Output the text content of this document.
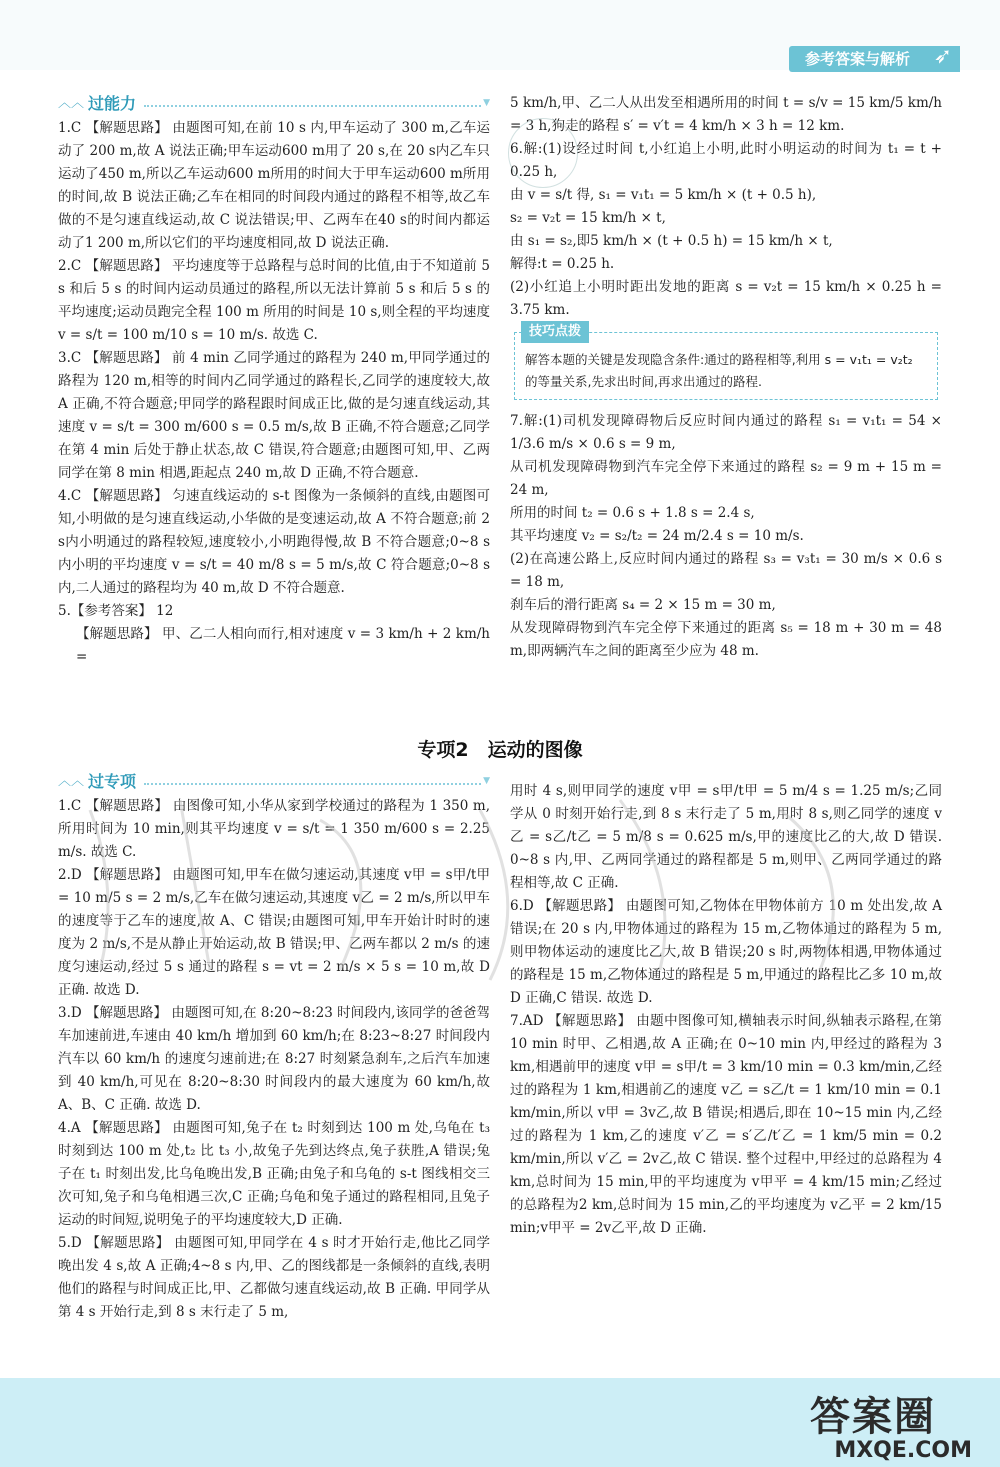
参考答案与解析 ➶
︿︿ 过能力	▼

1.C 【解题思路】 由题图可知,在前 10 s 内,甲车运动了 300 m,乙车运动了 200 m,故 A 说法正确;甲车运动600 m用了 20 s,在 20 s内乙车只运动了450 m,所以乙车运动600 m所用的时间大于甲车运动600 m所用的时间,故 B 说法正确;乙车在相同的时间段内通过的路程不相等,故乙车做的不是匀速直线运动,故 C 说法错误;甲、乙两车在40 s的时间内都运动了1 200 m,所以它们的平均速度相同,故 D 说法正确.

2.C 【解题思路】 平均速度等于总路程与总时间的比值,由于不知道前 5 s 和后 5 s 的时间内运动员通过的路程,所以无法计算前 5 s 和后 5 s 的平均速度;运动员跑完全程 100 m 所用的时间是 10 s,则全程的平均速度 v = s/t = 100 m/10 s = 10 m/s. 故选 C.

3.C 【解题思路】 前 4 min 乙同学通过的路程为 240 m,甲同学通过的路程为 120 m,相等的时间内乙同学通过的路程长,乙同学的速度较大,故 A 正确,不符合题意;甲同学的路程跟时间成正比,做的是匀速直线运动,其速度 v = s/t = 300 m/600 s = 0.5 m/s,故 B 正确,不符合题意;乙同学在第 4 min 后处于静止状态,故 C 错误,符合题意;由题图可知,甲、乙两同学在第 8 min 相遇,距起点 240 m,故 D 正确,不符合题意.

4.C 【解题思路】 匀速直线运动的 s-t 图像为一条倾斜的直线,由题图可知,小明做的是匀速直线运动,小华做的是变速运动,故 A 不符合题意;前 2 s内小明通过的路程较短,速度较小,小明跑得慢,故 B 不符合题意;0~8 s 内小明的平均速度 v = s/t = 40 m/8 s = 5 m/s,故 C 符合题意;0~8 s 内,二人通过的路程均为 40 m,故 D 不符合题意.

5.【参考答案】 12

【解题思路】 甲、乙二人相向而行,相对速度 v = 3 km/h + 2 km/h =

5 km/h,甲、乙二人从出发至相遇所用的时间 t = s/v = 15 km/5 km/h = 3 h,狗走的路程 s′ = v′t = 4 km/h × 3 h = 12 km.

6.解:(1)设经过时间 t,小红追上小明,此时小明运动的时间为 t₁ = t + 0.25 h,

由 v = s/t 得, s₁ = v₁t₁ = 5 km/h × (t + 0.5 h),

s₂ = v₂t = 15 km/h × t,

由 s₁ = s₂,即5 km/h × (t + 0.5 h) = 15 km/h × t,

解得:t = 0.25 h.

(2)小红追上小明时距出发地的距离 s = v₂t = 15 km/h × 0.25 h = 3.75 km.

技巧点拨
解答本题的关键是发现隐含条件:通过的路程相等,利用 s = v₁t₁ = v₂t₂ 的等量关系,先求出时间,再求出通过的路程.

7.解:(1)司机发现障碍物后反应时间内通过的路程 s₁ = v₁t₁ = 54 × 1/3.6 m/s × 0.6 s = 9 m,

从司机发现障碍物到汽车完全停下来通过的路程 s₂ = 9 m + 15 m = 24 m,

所用的时间 t₂ = 0.6 s + 1.8 s = 2.4 s,

其平均速度 v₂ = s₂/t₂ = 24 m/2.4 s = 10 m/s.

(2)在高速公路上,反应时间内通过的路程 s₃ = v₃t₁ = 30 m/s × 0.6 s = 18 m,

刹车后的滑行距离 s₄ = 2 × 15 m = 30 m,

从发现障碍物到汽车完全停下来通过的距离 s₅ = 18 m + 30 m = 48 m,即两辆汽车之间的距离至少应为 48 m.

专项2　运动的图像
︿︿ 过专项	▼

1.C 【解题思路】 由图像可知,小华从家到学校通过的路程为 1 350 m,所用时间为 10 min,则其平均速度 v = s/t = 1 350 m/600 s = 2.25 m/s. 故选 C.

2.D 【解题思路】 由题图可知,甲车在做匀速运动,其速度 v甲 = s甲/t甲 = 10 m/5 s = 2 m/s,乙车在做匀速运动,其速度 v乙 = 2 m/s,所以甲车的速度等于乙车的速度,故 A、C 错误;由题图可知,甲车开始计时时的速度为 2 m/s,不是从静止开始运动,故 B 错误;甲、乙两车都以 2 m/s 的速度匀速运动,经过 5 s 通过的路程 s = vt = 2 m/s × 5 s = 10 m,故 D 正确. 故选 D.

3.D 【解题思路】 由题图可知,在 8:20~8:23 时间段内,该同学的爸爸驾车加速前进,车速由 40 km/h 增加到 60 km/h;在 8:23~8:27 时间段内汽车以 60 km/h 的速度匀速前进;在 8:27 时刻紧急刹车,之后汽车加速到 40 km/h,可见在 8:20~8:30 时间段内的最大速度为 60 km/h,故 A、B、C 正确. 故选 D.

4.A 【解题思路】 由题图可知,兔子在 t₂ 时刻到达 100 m 处,乌龟在 t₃ 时刻到达 100 m 处,t₂ 比 t₃ 小,故兔子先到达终点,兔子获胜,A 错误;兔子在 t₁ 时刻出发,比乌龟晚出发,B 正确;由兔子和乌龟的 s-t 图线相交三次可知,兔子和乌龟相遇三次,C 正确;乌龟和兔子通过的路程相同,且兔子运动的时间短,说明兔子的平均速度较大,D 正确.

5.D 【解题思路】 由题图可知,甲同学在 4 s 时才开始行走,他比乙同学晚出发 4 s,故 A 正确;4~8 s 内,甲、乙的图线都是一条倾斜的直线,表明他们的路程与时间成正比,甲、乙都做匀速直线运动,故 B 正确. 甲同学从第 4 s 开始行走,到 8 s 末行走了 5 m,

用时 4 s,则甲同学的速度 v甲 = s甲/t甲 = 5 m/4 s = 1.25 m/s;乙同学从 0 时刻开始行走,到 8 s 末行走了 5 m,用时 8 s,则乙同学的速度 v乙 = s乙/t乙 = 5 m/8 s = 0.625 m/s,甲的速度比乙的大,故 D 错误. 0~8 s 内,甲、乙两同学通过的路程都是 5 m,则甲、乙两同学通过的路程相等,故 C 正确.

6.D 【解题思路】 由题图可知,乙物体在甲物体前方 10 m 处出发,故 A 错误;在 20 s 内,甲物体通过的路程为 15 m,乙物体通过的路程为 5 m,则甲物体运动的速度比乙大,故 B 错误;20 s 时,两物体相遇,甲物体通过的路程是 15 m,乙物体通过的路程是 5 m,甲通过的路程比乙多 10 m,故 D 正确,C 错误. 故选 D.

7.AD 【解题思路】 由题中图像可知,横轴表示时间,纵轴表示路程,在第 10 min 时甲、乙相遇,故 A 正确;在 0~10 min 内,甲经过的路程为 3 km,相遇前甲的速度 v甲 = s甲/t = 3 km/10 min = 0.3 km/min,乙经过的路程为 1 km,相遇前乙的速度 v乙 = s乙/t = 1 km/10 min = 0.1 km/min,所以 v甲 = 3v乙,故 B 错误;相遇后,即在 10~15 min 内,乙经过的路程为 1 km,乙的速度 v′乙 = s′乙/t′乙 = 1 km/5 min = 0.2 km/min,所以 v′乙 = 2v乙,故 C 错误. 整个过程中,甲经过的总路程为 4 km,总时间为 15 min,甲的平均速度为 v甲平 = 4 km/15 min;乙经过的总路程为2 km,总时间为 15 min,乙的平均速度为 v乙平 = 2 km/15 min;v甲平 = 2v乙平,故 D 正确.

答案圈
MXQE.COM
